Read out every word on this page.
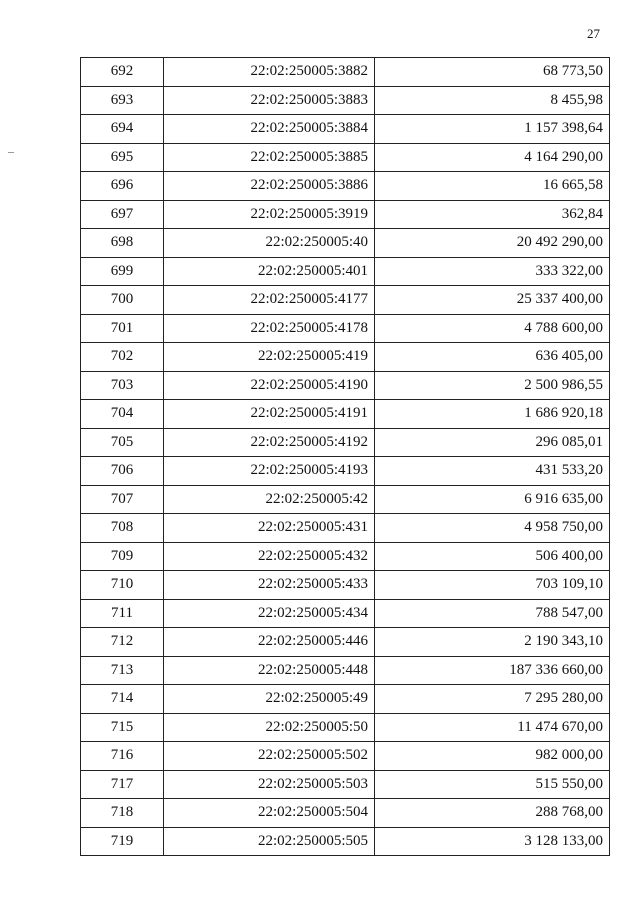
27
692	22:02:250005:3882	68 773,50
693	22:02:250005:3883	8 455,98
694	22:02:250005:3884	1 157 398,64
695	22:02:250005:3885	4 164 290,00
696	22:02:250005:3886	16 665,58
697	22:02:250005:3919	362,84
698	22:02:250005:40	20 492 290,00
699	22:02:250005:401	333 322,00
700	22:02:250005:4177	25 337 400,00
701	22:02:250005:4178	4 788 600,00
702	22:02:250005:419	636 405,00
703	22:02:250005:4190	2 500 986,55
704	22:02:250005:4191	1 686 920,18
705	22:02:250005:4192	296 085,01
706	22:02:250005:4193	431 533,20
707	22:02:250005:42	6 916 635,00
708	22:02:250005:431	4 958 750,00
709	22:02:250005:432	506 400,00
710	22:02:250005:433	703 109,10
711	22:02:250005:434	788 547,00
712	22:02:250005:446	2 190 343,10
713	22:02:250005:448	187 336 660,00
714	22:02:250005:49	7 295 280,00
715	22:02:250005:50	11 474 670,00
716	22:02:250005:502	982 000,00
717	22:02:250005:503	515 550,00
718	22:02:250005:504	288 768,00
719	22:02:250005:505	3 128 133,00
